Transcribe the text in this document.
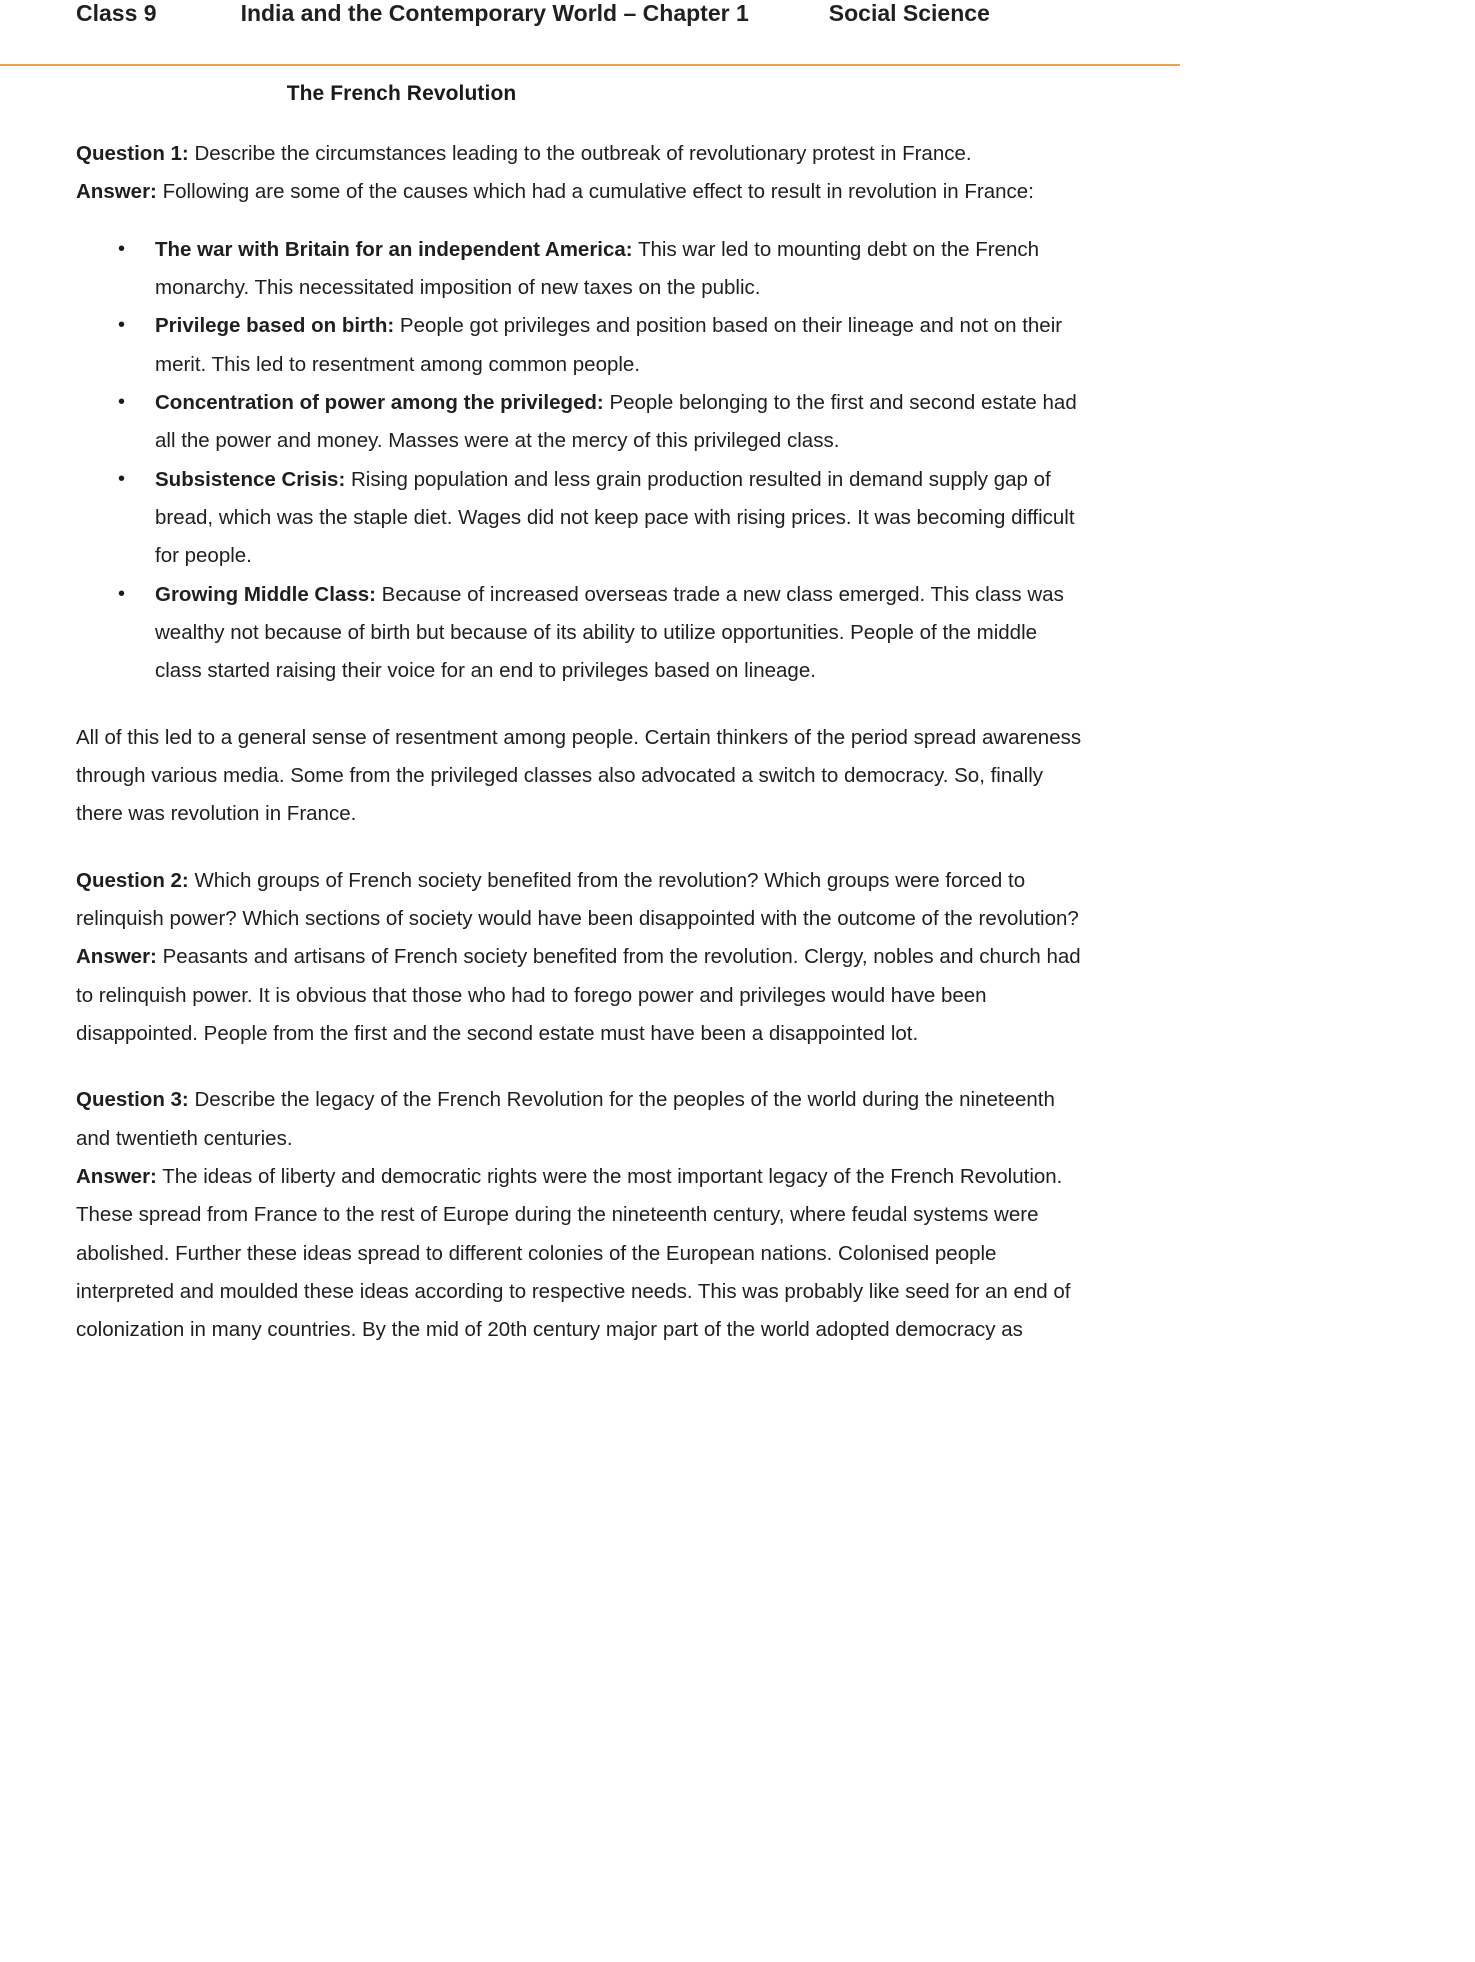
Class 9	India and the Contemporary World – Chapter 1	Social Science
The French Revolution

Question 1: Describe the circumstances leading to the outbreak of revolutionary protest in France.

Answer: Following are some of the causes which had a cumulative effect to result in revolution in France:

• The war with Britain for an independent America: This war led to mounting debt on the French monarchy. This necessitated imposition of new taxes on the public.
• Privilege based on birth: People got privileges and position based on their lineage and not on their merit. This led to resentment among common people.
• Concentration of power among the privileged: People belonging to the first and second estate had all the power and money. Masses were at the mercy of this privileged class.
• Subsistence Crisis: Rising population and less grain production resulted in demand supply gap of bread, which was the staple diet. Wages did not keep pace with rising prices. It was becoming difficult for people.
• Growing Middle Class: Because of increased overseas trade a new class emerged. This class was wealthy not because of birth but because of its ability to utilize opportunities. People of the middle class started raising their voice for an end to privileges based on lineage.

All of this led to a general sense of resentment among people. Certain thinkers of the period spread awareness through various media. Some from the privileged classes also advocated a switch to democracy. So, finally there was revolution in France.

Question 2: Which groups of French society benefited from the revolution? Which groups were forced to relinquish power? Which sections of society would have been disappointed with the outcome of the revolution?

Answer: Peasants and artisans of French society benefited from the revolution. Clergy, nobles and church had to relinquish power. It is obvious that those who had to forego power and privileges would have been disappointed. People from the first and the second estate must have been a disappointed lot.

Question 3: Describe the legacy of the French Revolution for the peoples of the world during the nineteenth and twentieth centuries.

Answer: The ideas of liberty and democratic rights were the most important legacy of the French Revolution. These spread from France to the rest of Europe during the nineteenth century, where feudal systems were abolished. Further these ideas spread to different colonies of the European nations. Colonised people interpreted and moulded these ideas according to respective needs. This was probably like seed for an end of colonization in many countries. By the mid of 20th century major part of the world adopted democracy as
